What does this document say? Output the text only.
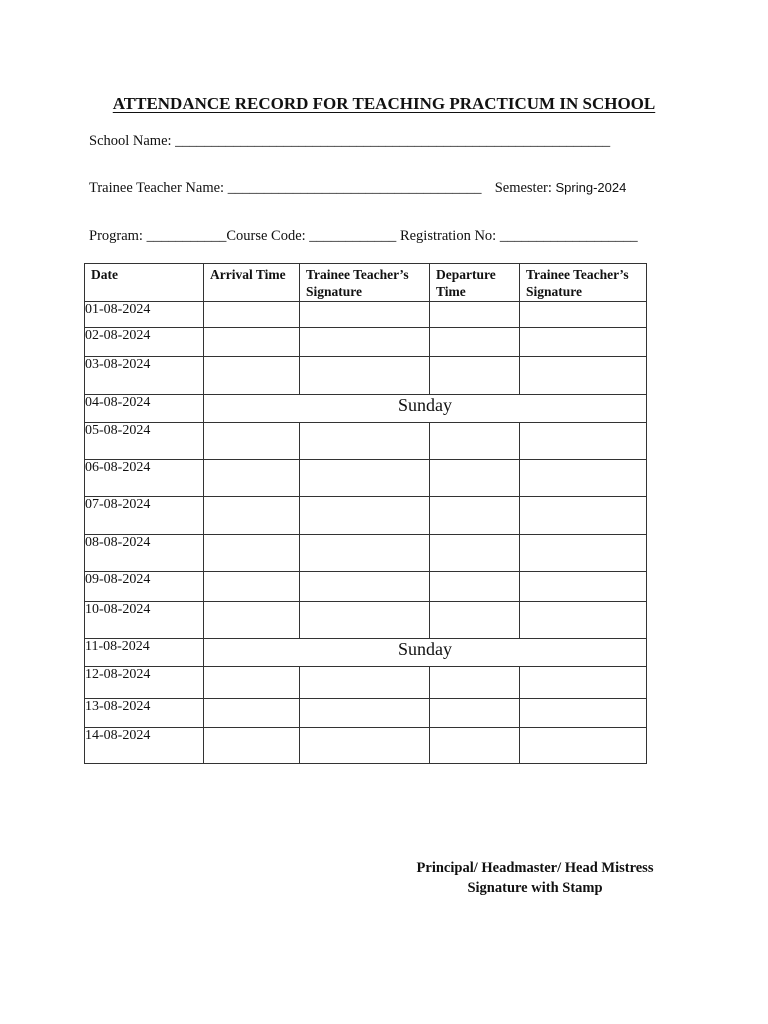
ATTENDANCE RECORD FOR TEACHING PRACTICUM IN SCHOOL
School Name: ____________________________________________________________
Trainee Teacher Name: ___________________________________ Semester: Spring-2024
Program: ___________Course Code: ____________ Registration No: ___________________
Date	Arrival Time	Trainee Teacher’s Signature	Departure Time	Trainee Teacher’s Signature
01-08-2024				
02-08-2024				
03-08-2024				
04-08-2024	Sunday			
05-08-2024				
06-08-2024				
07-08-2024				
08-08-2024				
09-08-2024				
10-08-2024				
11-08-2024	Sunday			
12-08-2024				
13-08-2024				
14-08-2024				
Principal/ Headmaster/ Head Mistress
Signature with Stamp
